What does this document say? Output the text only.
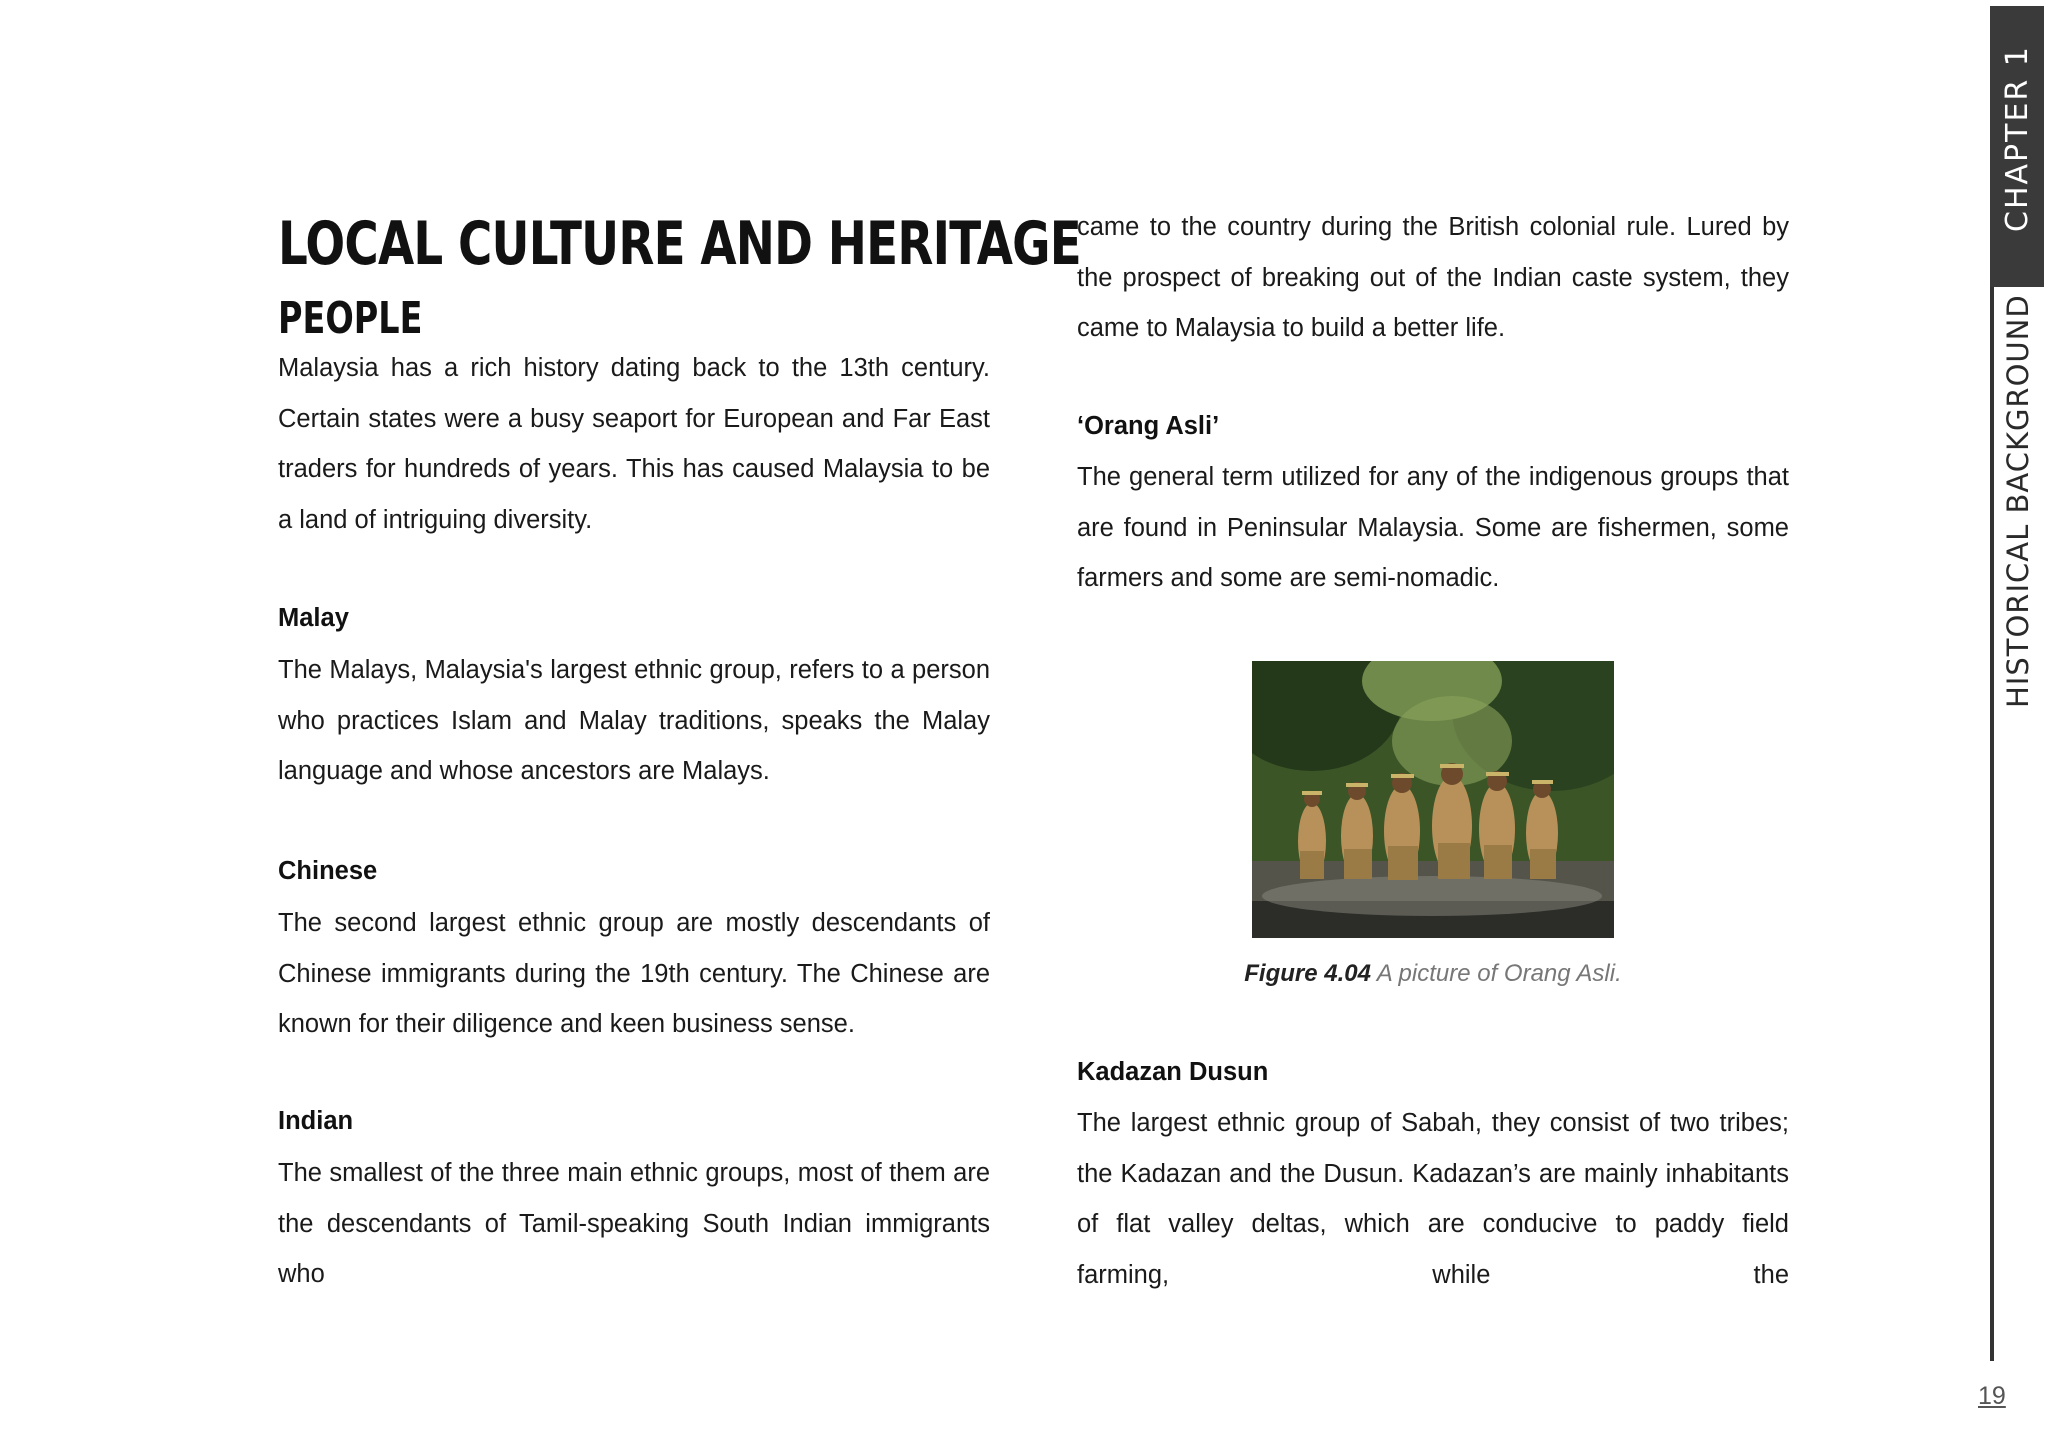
LOCAL CULTURE AND HERITAGE
PEOPLE

Malaysia has a rich history dating back to the 13th century. Certain states were a busy seaport for European and Far East traders for hundreds of years. This has caused Malaysia to be a land of intriguing diversity.

Malay

The Malays, Malaysia's largest ethnic group, refers to a person who practices Islam and Malay traditions, speaks the Malay language and whose ancestors are Malays.

Chinese

The second largest ethnic group are mostly descendants of Chinese immigrants during the 19th century. The Chinese are known for their diligence and keen business sense.

Indian

The smallest of the three main ethnic groups, most of them are the descendants of Tamil-speaking South Indian immigrants who

came to the country during the British colonial rule. Lured by the prospect of breaking out of the Indian caste system, they came to Malaysia to build a better life.

‘Orang Asli’

The general term utilized for any of the indigenous groups that are found in Peninsular Malaysia. Some are fishermen, some farmers and some are semi-nomadic.

Figure 4.04 A picture of Orang Asli.

Kadazan Dusun

The largest ethnic group of Sabah, they consist of two tribes; the Kadazan and the Dusun. Kadazan’s are mainly inhabitants of flat valley deltas, which are conducive to paddy field farming, while the

CHAPTER 1
HISTORICAL BACKGROUND
19
